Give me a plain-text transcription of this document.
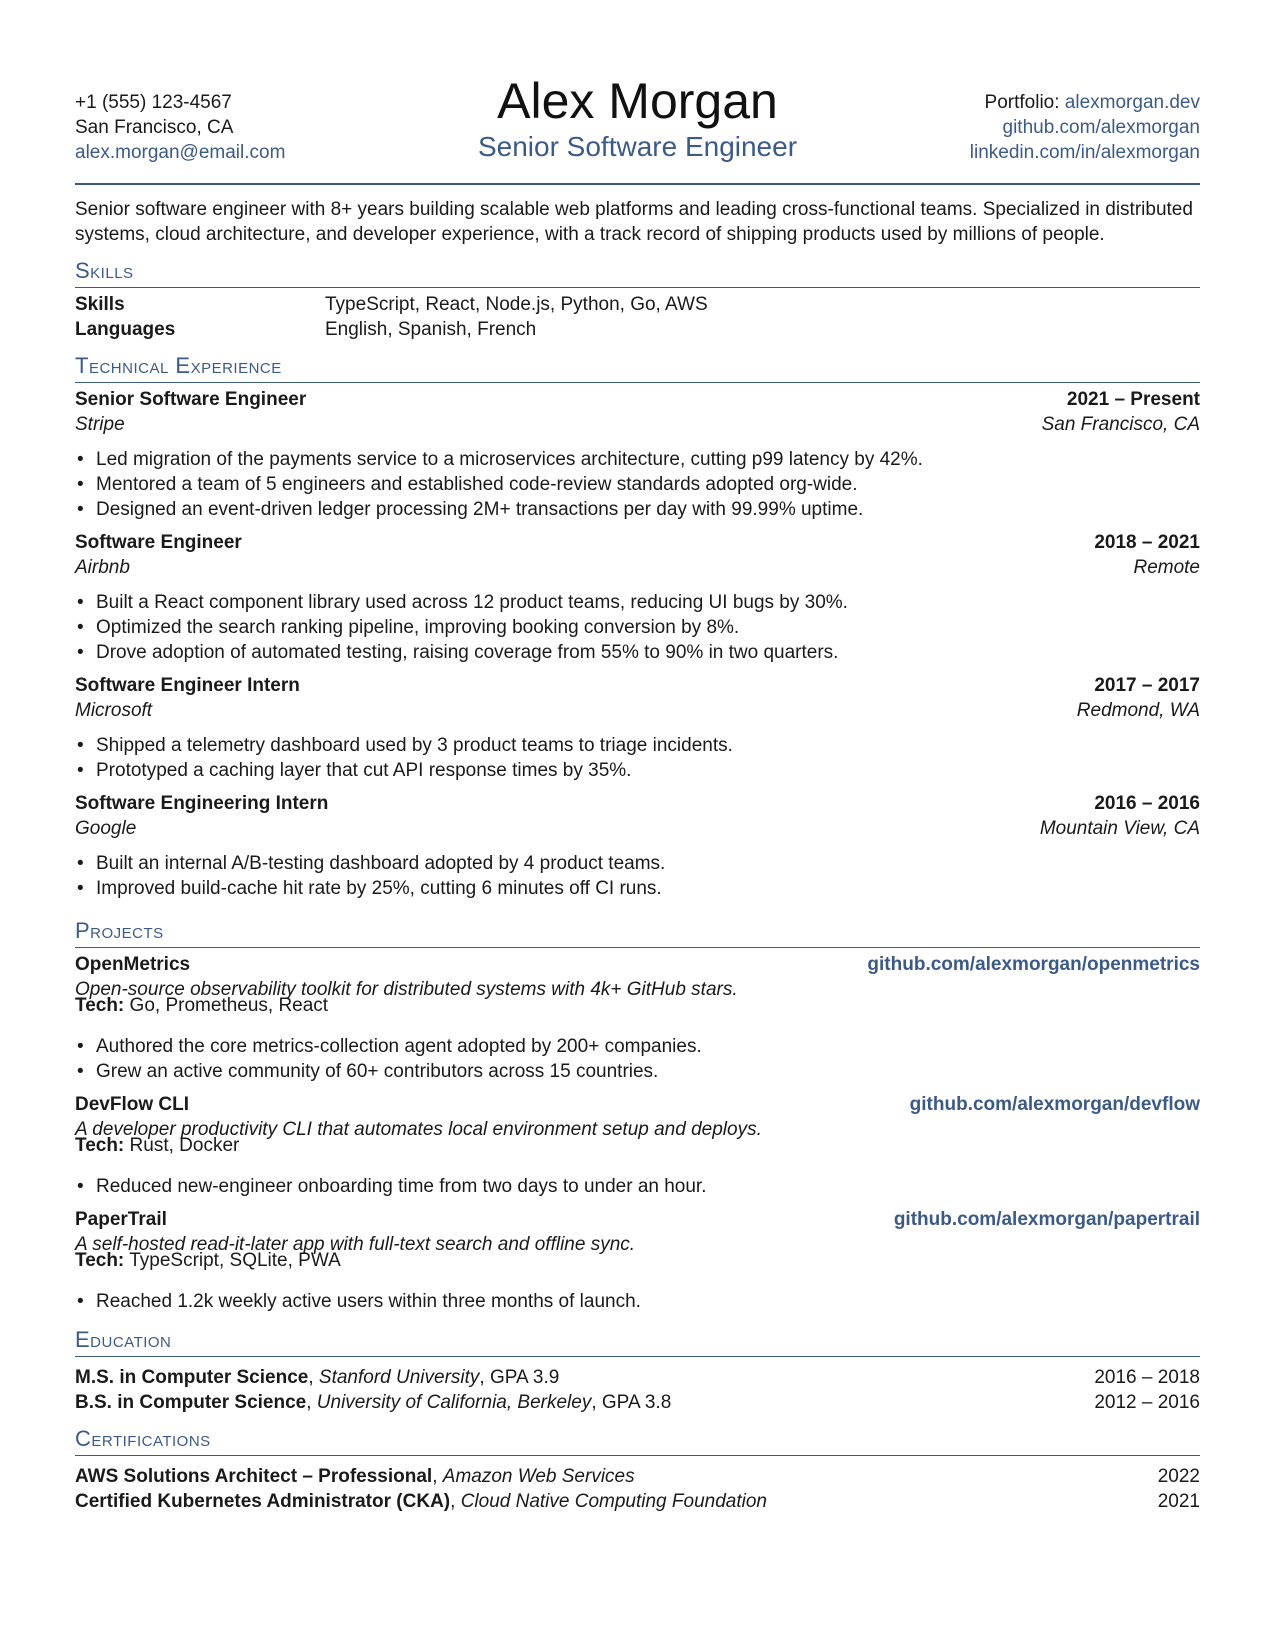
+1 (555) 123-4567
San Francisco, CA
alex.morgan@email.com
Alex Morgan
Senior Software Engineer
Portfolio: alexmorgan.dev
github.com/alexmorgan
linkedin.com/in/alexmorgan
Senior software engineer with 8+ years building scalable web platforms and leading cross-functional teams. Specialized in distributed systems, cloud architecture, and developer experience, with a track record of shipping products used by millions of people.
Skills
Skills	TypeScript, React, Node.js, Python, Go, AWS
Languages	English, Spanish, French
Technical Experience
Senior Software Engineer	2021 – Present
Stripe	San Francisco, CA
• Led migration of the payments service to a microservices architecture, cutting p99 latency by 42%.
• Mentored a team of 5 engineers and established code-review standards adopted org-wide.
• Designed an event-driven ledger processing 2M+ transactions per day with 99.99% uptime.
Software Engineer	2018 – 2021
Airbnb	Remote
• Built a React component library used across 12 product teams, reducing UI bugs by 30%.
• Optimized the search ranking pipeline, improving booking conversion by 8%.
• Drove adoption of automated testing, raising coverage from 55% to 90% in two quarters.
Software Engineer Intern	2017 – 2017
Microsoft	Redmond, WA
• Shipped a telemetry dashboard used by 3 product teams to triage incidents.
• Prototyped a caching layer that cut API response times by 35%.
Software Engineering Intern	2016 – 2016
Google	Mountain View, CA
• Built an internal A/B-testing dashboard adopted by 4 product teams.
• Improved build-cache hit rate by 25%, cutting 6 minutes off CI runs.
Projects
OpenMetrics	github.com/alexmorgan/openmetrics
Open-source observability toolkit for distributed systems with 4k+ GitHub stars.
Tech: Go, Prometheus, React
• Authored the core metrics-collection agent adopted by 200+ companies.
• Grew an active community of 60+ contributors across 15 countries.
DevFlow CLI	github.com/alexmorgan/devflow
A developer productivity CLI that automates local environment setup and deploys.
Tech: Rust, Docker
• Reduced new-engineer onboarding time from two days to under an hour.
PaperTrail	github.com/alexmorgan/papertrail
A self-hosted read-it-later app with full-text search and offline sync.
Tech: TypeScript, SQLite, PWA
• Reached 1.2k weekly active users within three months of launch.
Education
M.S. in Computer Science, Stanford University, GPA 3.9	2016 – 2018
B.S. in Computer Science, University of California, Berkeley, GPA 3.8	2012 – 2016
Certifications
AWS Solutions Architect – Professional, Amazon Web Services	2022
Certified Kubernetes Administrator (CKA), Cloud Native Computing Foundation	2021
